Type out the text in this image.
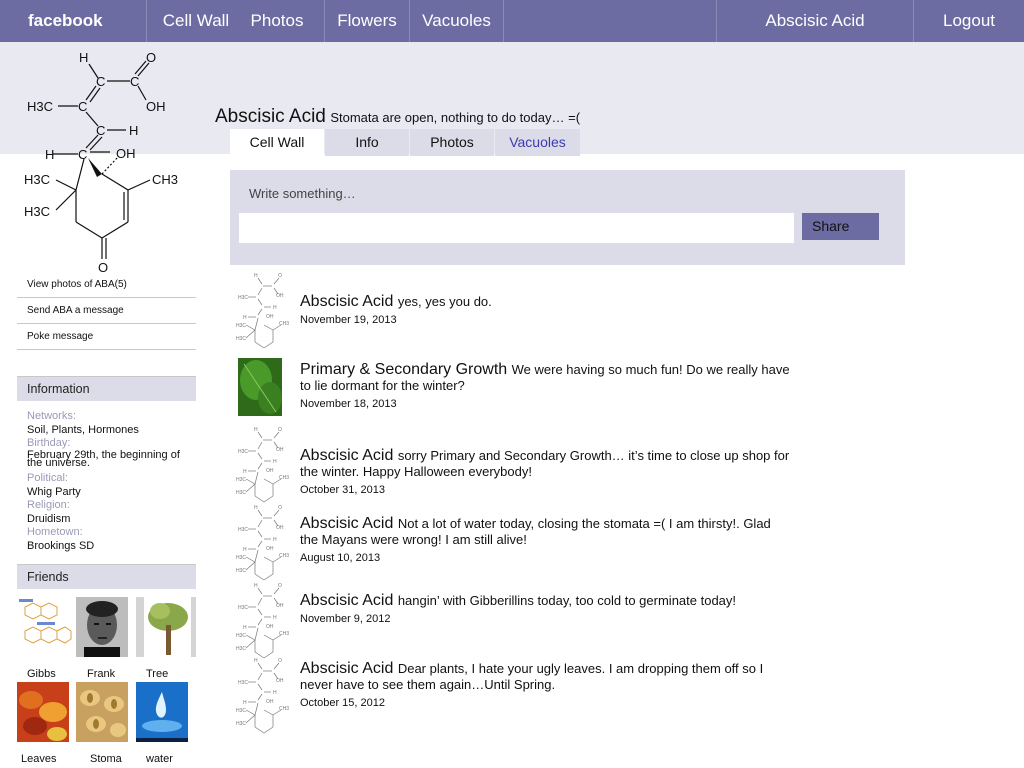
facebook	Cell Wall	Photos	Flowers	Vacuoles	Abscisic Acid	Logout
H	O
C C
OH
H3C C
C H
H C OH
H3C	CH3
H3C
O
Abscisic Acid Stomata are open, nothing to do today… =(
Cell Wall	Info	Photos	Vacuoles
View photos of ABA(5)
Send ABA a message
Poke message
Information
Networks:
Soil, Plants, Hormones
Birthday:
February 29th, the beginning of the universe.
Political:
Whig Party
Religion:
Druidism
Hometown:
Brookings SD
Friends
Gibbs	Frank	Tree
Leaves	Stoma	water
Write something…
Share
H	O
OH
H3C
H
H	OH
H3C	CH3
H3C
Abscisic Acid yes, yes you do.
November 19, 2013
Primary & Secondary Growth We were having so much fun! Do we really have to lie dormant for the winter?
November 18, 2013
H	O
OH
H3C
H
H	OH
H3C	CH3
H3C
Abscisic Acid sorry Primary and Secondary Growth… it’s time to close up shop for the winter. Happy Halloween everybody!
October 31, 2013
H	O
OH
H3C
H
H	OH
H3C	CH3
H3C
Abscisic Acid Not a lot of water today, closing the stomata =( I am thirsty!. Glad the Mayans were wrong! I am still alive!
August 10, 2013
H	O
OH
H3C
H
H	OH
H3C	CH3
H3C
Abscisic Acid hangin’ with Gibberillins today, too cold to germinate today!
November 9, 2012
H	O
OH
H3C
H
H	OH
H3C	CH3
H3C
Abscisic Acid Dear plants, I hate your ugly leaves. I am dropping them off so I never have to see them again…Until Spring.
October 15, 2012
